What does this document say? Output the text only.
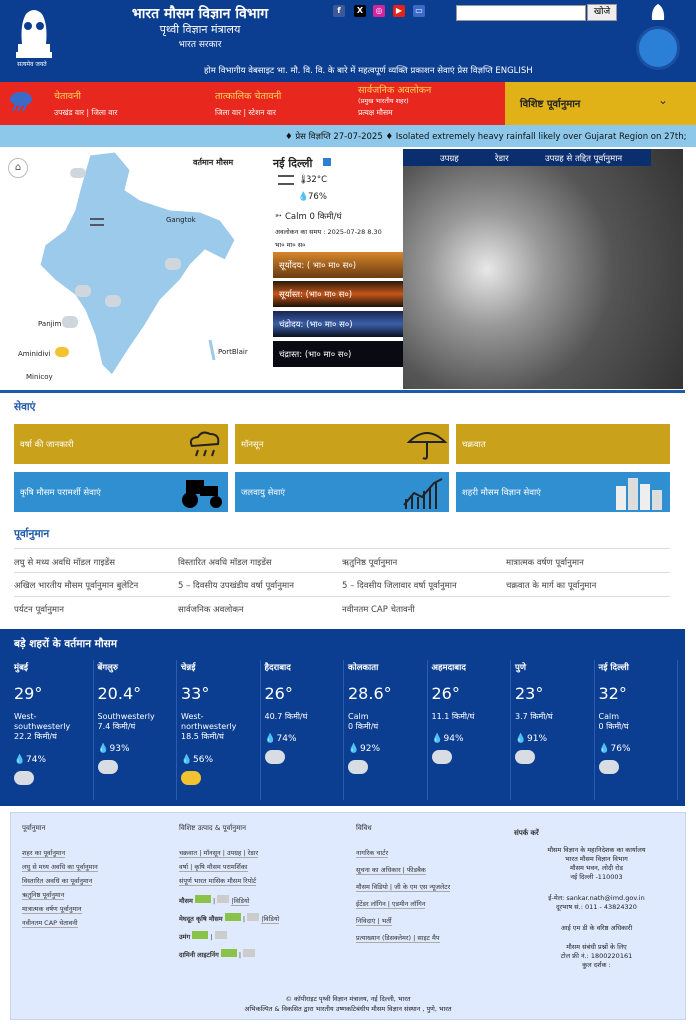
सत्यमेव जयते
भारत मौसम विज्ञान विभाग
पृथ्वी विज्ञान मंत्रालय
भारत सरकार
f	X	◎	▶	▭	खोजे
होम विभागीय वेबसाइट भा. मौ. वि. वि. के बारे में महत्वपूर्ण व्यक्ति प्रकाशन सेवाएं प्रेस विज्ञप्ति ENGLISH
चेतावनी
उपखंड वार | जिला वार
तात्कालिक चेतावनी
जिला वार | स्टेशन वार
सार्वजनिक अवलोकन
(प्रमुख भारतीय शहर)
प्रत्यक्ष मौसम
विशिष्ट पूर्वानुमान	⌄
♦ प्रेस विज्ञप्ति 27-07-2025 ♦ Isolated extremely heavy rainfall likely over Gujarat Region on 27th;
⌂	वर्तमान मौसम
Gangtok
Panjim
Aminidivi
Minicoy
PortBlair
नई दिल्ली
🌡
32°C
💧 76%
➳ Calm 0 किमी/घं
अवलोकन का समय : 2025-07-28 8.30
भा० मा० स०
सूर्योदय: ( भा० मा० स०)
सूर्यास्त: (भा० मा० स०)
चंद्रोदय: (भा० मा० स०)
चंद्रास्त: (भा० मा० स०)
उपग्रह	रेडार	उपग्रह से तद्दित पूर्वानुमान
सेवाएं
वर्षा की जानकारी	मॉनसून	चक्रवात
कृषि मौसम परामर्शी सेवाएं	जलवायु सेवाएं	शहरी मौसम विज्ञान सेवाएं
पूर्वानुमान
लघु से मध्य अवधि मॉडल गाइडेंस	विस्तारित अवधि मॉडल गाइडेंस	ऋतुनिष्ठ पूर्वानुमान	मात्रात्मक वर्षण पूर्वानुमान
अखिल भारतीय मौसम पूर्वानुमान बुलेटिन	5 – दिवसीय उपखंडीय वर्षा पूर्वानुमान	5 – दिवसीय जिलावार वर्षा पूर्वानुमान	चक्रवात के मार्ग का पूर्वानुमान
पर्यटन पूर्वानुमान	सार्वजनिक अवलोकन	नवीनतम CAP चेतावनी
बड़े शहरों के वर्तमान मौसम
मुंबई
29°
West-
southwesterly
22.2 किमी/घं
💧 74%
बेंगलुरु
20.4°
Southwesterly
7.4 किमी/घं
💧 93%
चेन्नई
33°
West-
northwesterly
18.5 किमी/घं
💧 56%
हैदराबाद
26°
40.7 किमी/घं
💧 74%
कोलकाता
28.6°
Calm
0 किमी/घं
💧 92%
अहमदाबाद
26°
11.1 किमी/घं
💧 94%
पुणे
23°
3.7 किमी/घं
💧 91%
नई दिल्ली
32°
Calm
0 किमी/घं
💧 76%
पूर्वानुमान
शहर का पूर्वानुमान
लघु से मध्य अवधि का पूर्वानुमान
विस्तारित अवधि का पूर्वानुमान
ऋतुनिष्ठ पूर्वानुमान
मात्रात्मक वर्षण पूर्वानुमान
नवीनतम CAP चेतावनी
विशिष्ट उत्पाद & पूर्वानुमान
चक्रवात | मॉनसून | उपग्रह | रेडार
वर्षा | कृषि मौसम परामर्शिका
संपूर्ण भारत मासिक मौसम रिपोर्ट
मौसम	|  |विडियो
मेघदूत कृषि मौसम	|  |विडियो
उमंग	|
दामिनी लाइटनिंग	|
विविध
नागरिक चार्टर
सूचना का अधिकार | फीडबैक
मौसम विडियो | जी के एम एस न्यूजलेटर
ईटेंडर लॉगिन | एडमीन लॉगिन
निविदाएं | भर्ती
प्रत्याख्यान (डिसक्लेमर) | साइट मैप
संपर्क करें
मौसम विज्ञान के महानिदेशक का कार्यालय
भारत मौसम विज्ञान विभाग
मौसम भवन, लोदी रोड
नई दिल्ली -110003
ई-मेल: sankar.nath@imd.gov.in
दूरभाष सं.: 011 - 43824320
आई एम डी के वरिष्ठ अधिकारी
मौसम संबंधी प्रश्नों के लिए
टोल फ्री नं.: 1800220161
कुल दर्शक :
© कॉपीराइट पृथ्वी विज्ञान मंत्रालय, नई दिल्ली, भारत
अभिकल्पित & विकसित द्वारा भारतीय उष्णकटिबंधीय मौसम विज्ञान संस्थान , पुणे, भारत
